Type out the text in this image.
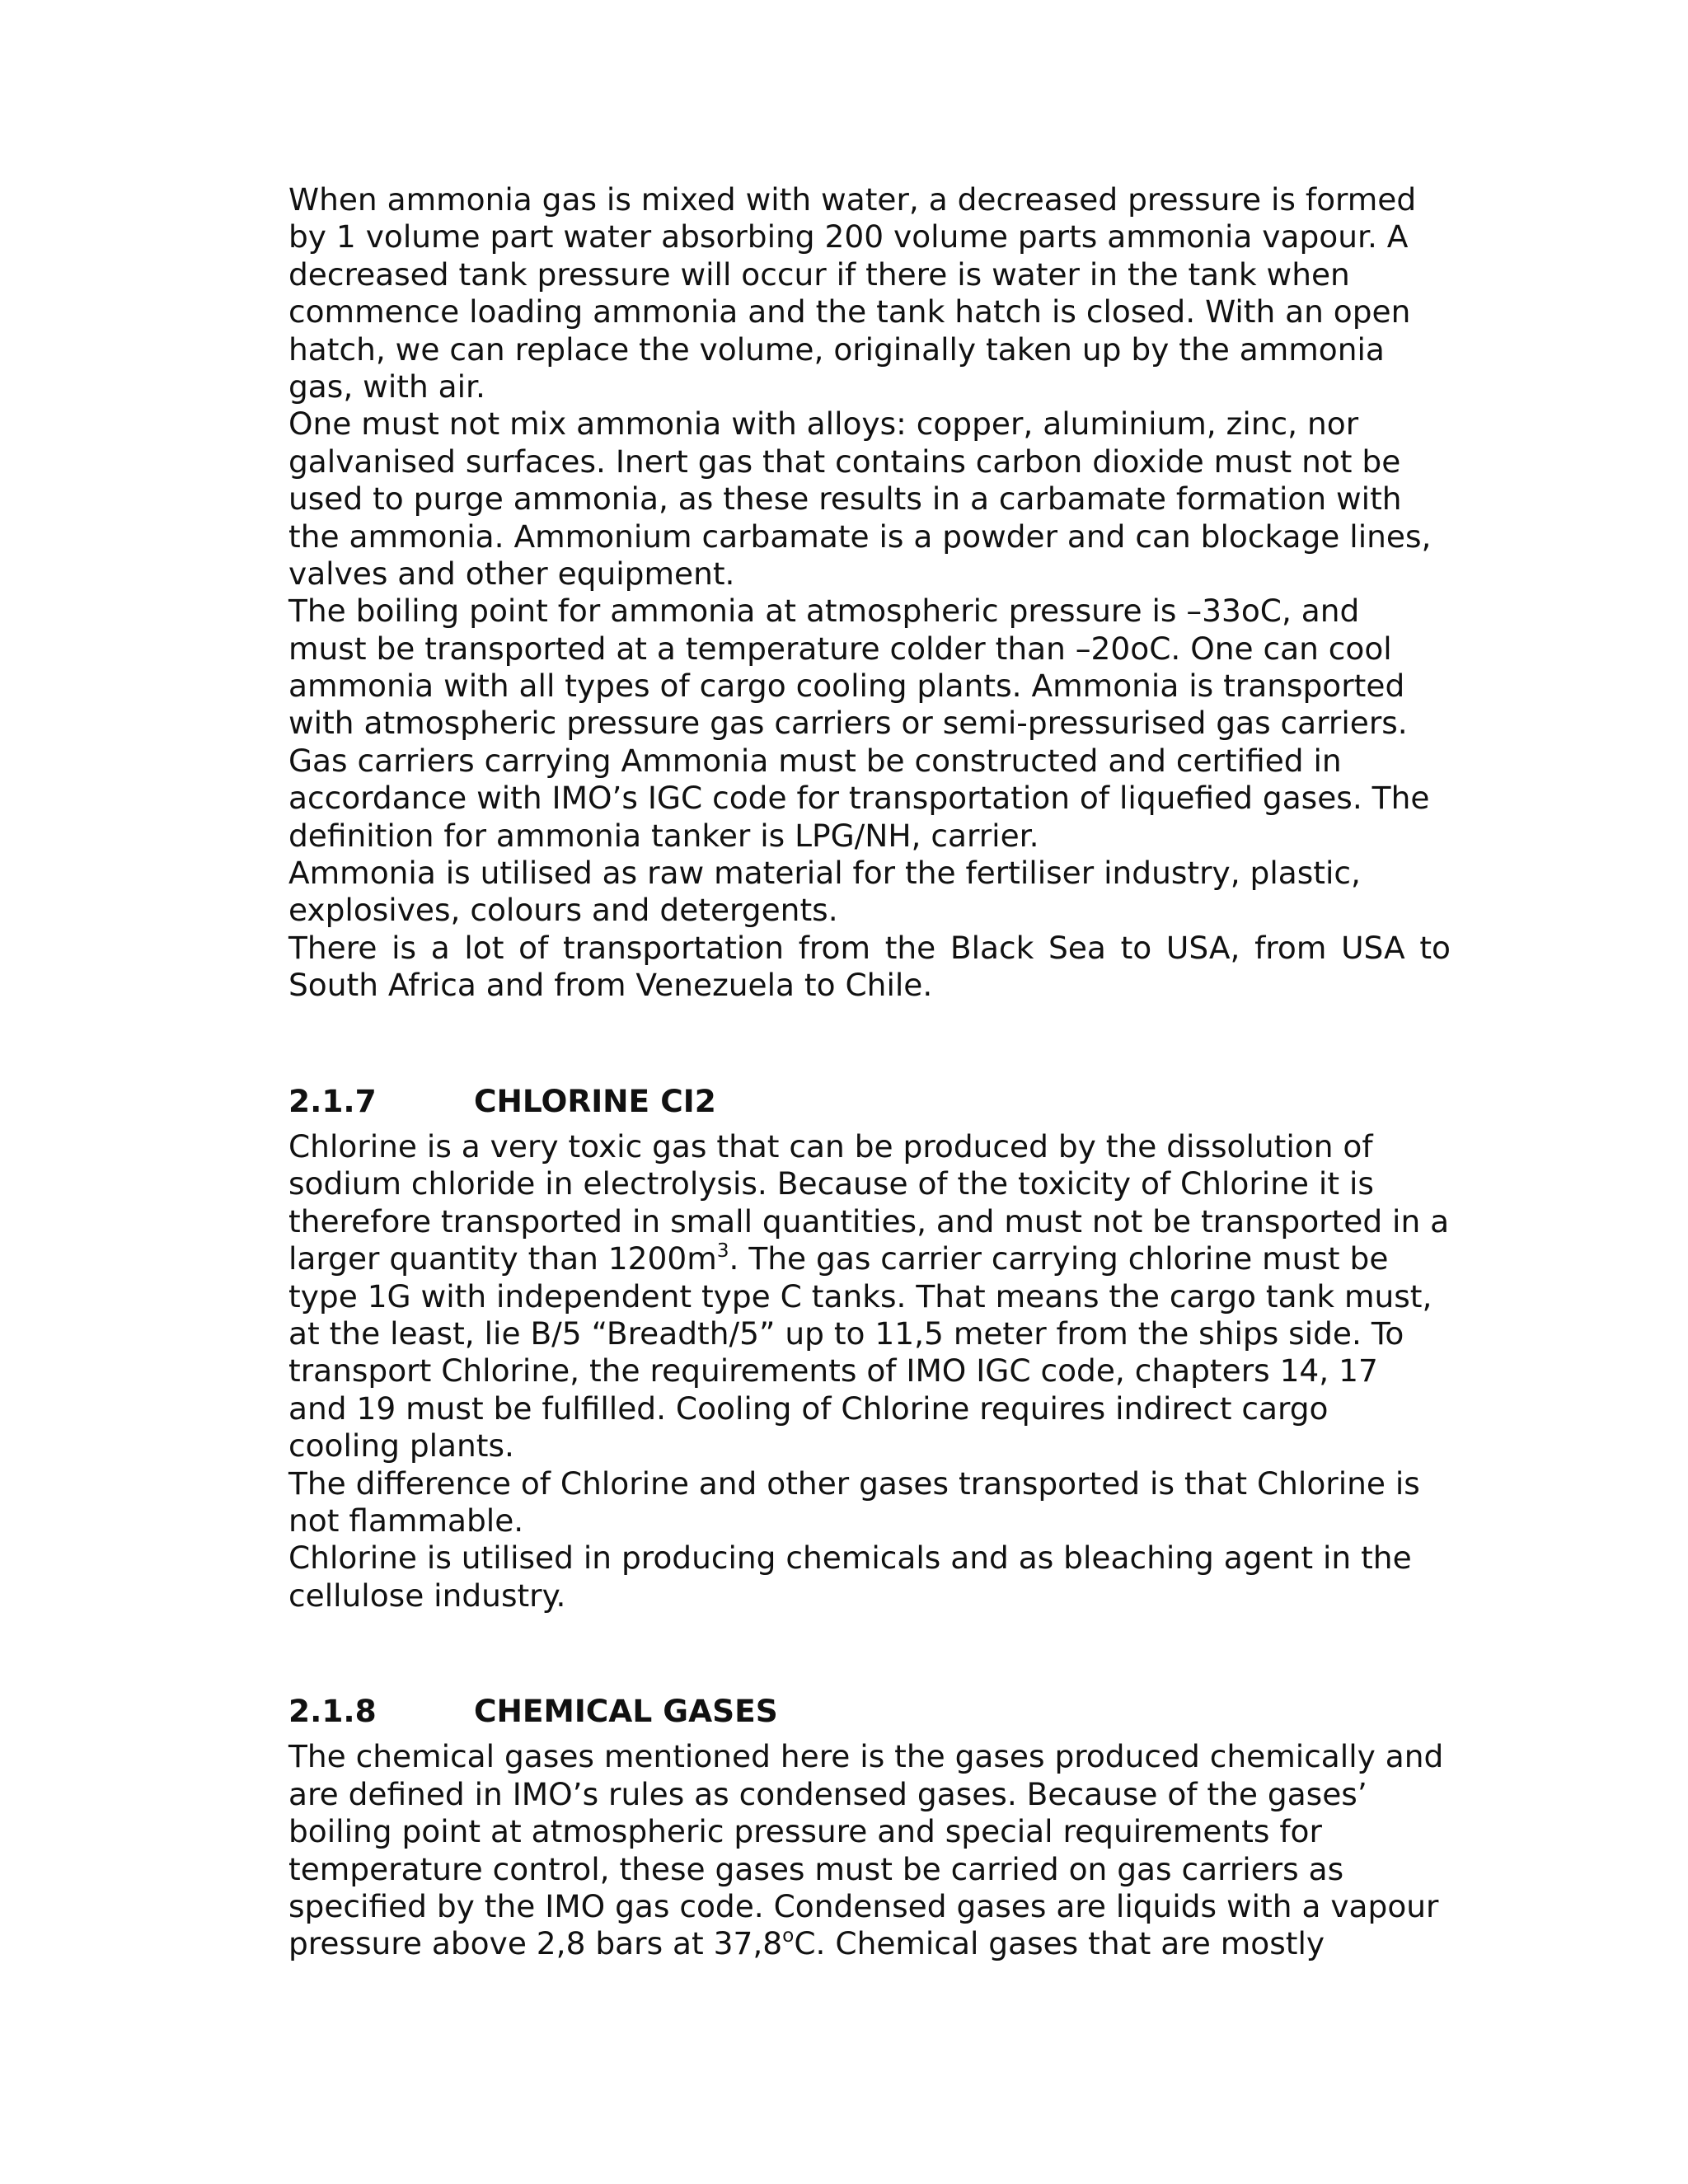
When ammonia gas is mixed with water, a decreased pressure is formed
by 1 volume part water absorbing 200 volume parts ammonia vapour. A
decreased tank pressure will occur if there is water in the tank when
commence loading ammonia and the tank hatch is closed. With an open
hatch, we can replace the volume, originally taken up by the ammonia
gas, with air.
One must not mix ammonia with alloys: copper, aluminium, zinc, nor
galvanised surfaces. Inert gas that contains carbon dioxide must not be
used to purge ammonia, as these results in a carbamate formation with
the ammonia. Ammonium carbamate is a powder and can blockage lines,
valves and other equipment.
The boiling point for ammonia at atmospheric pressure is –33oC, and
must be transported at a temperature colder than –20oC. One can cool
ammonia with all types of cargo cooling plants. Ammonia is transported
with atmospheric pressure gas carriers or semi-pressurised gas carriers.
Gas carriers carrying Ammonia must be constructed and certified in
accordance with IMO’s IGC code for transportation of liquefied gases. The
definition for ammonia tanker is LPG/NH, carrier.
Ammonia is utilised as raw material for the fertiliser industry, plastic,
explosives, colours and detergents.
There is a lot of transportation from the Black Sea to USA, from USA to
South Africa and from Venezuela to Chile.
2.1.7	CHLORINE CI2
Chlorine is a very toxic gas that can be produced by the dissolution of
sodium chloride in electrolysis. Because of the toxicity of Chlorine it is
therefore transported in small quantities, and must not be transported in a
larger quantity than $1200m^3$. The gas carrier carrying chlorine must be
type 1G with independent type C tanks. That means the cargo tank must,
at the least, lie B/5 “Breadth/5” up to 11,5 meter from the ships side. To
transport Chlorine, the requirements of IMO IGC code, chapters 14, 17
and 19 must be fulfilled. Cooling of Chlorine requires indirect cargo
cooling plants.
The difference of Chlorine and other gases transported is that Chlorine is
not flammable.
Chlorine is utilised in producing chemicals and as bleaching agent in the
cellulose industry.
2.1.8	CHEMICAL GASES
The chemical gases mentioned here is the gases produced chemically and
are defined in IMO’s rules as condensed gases. Because of the gases’
boiling point at atmospheric pressure and special requirements for
temperature control, these gases must be carried on gas carriers as
specified by the IMO gas code. Condensed gases are liquids with a vapour
pressure above 2,8 bars at 37,8$^o$C. Chemical gases that are mostly
